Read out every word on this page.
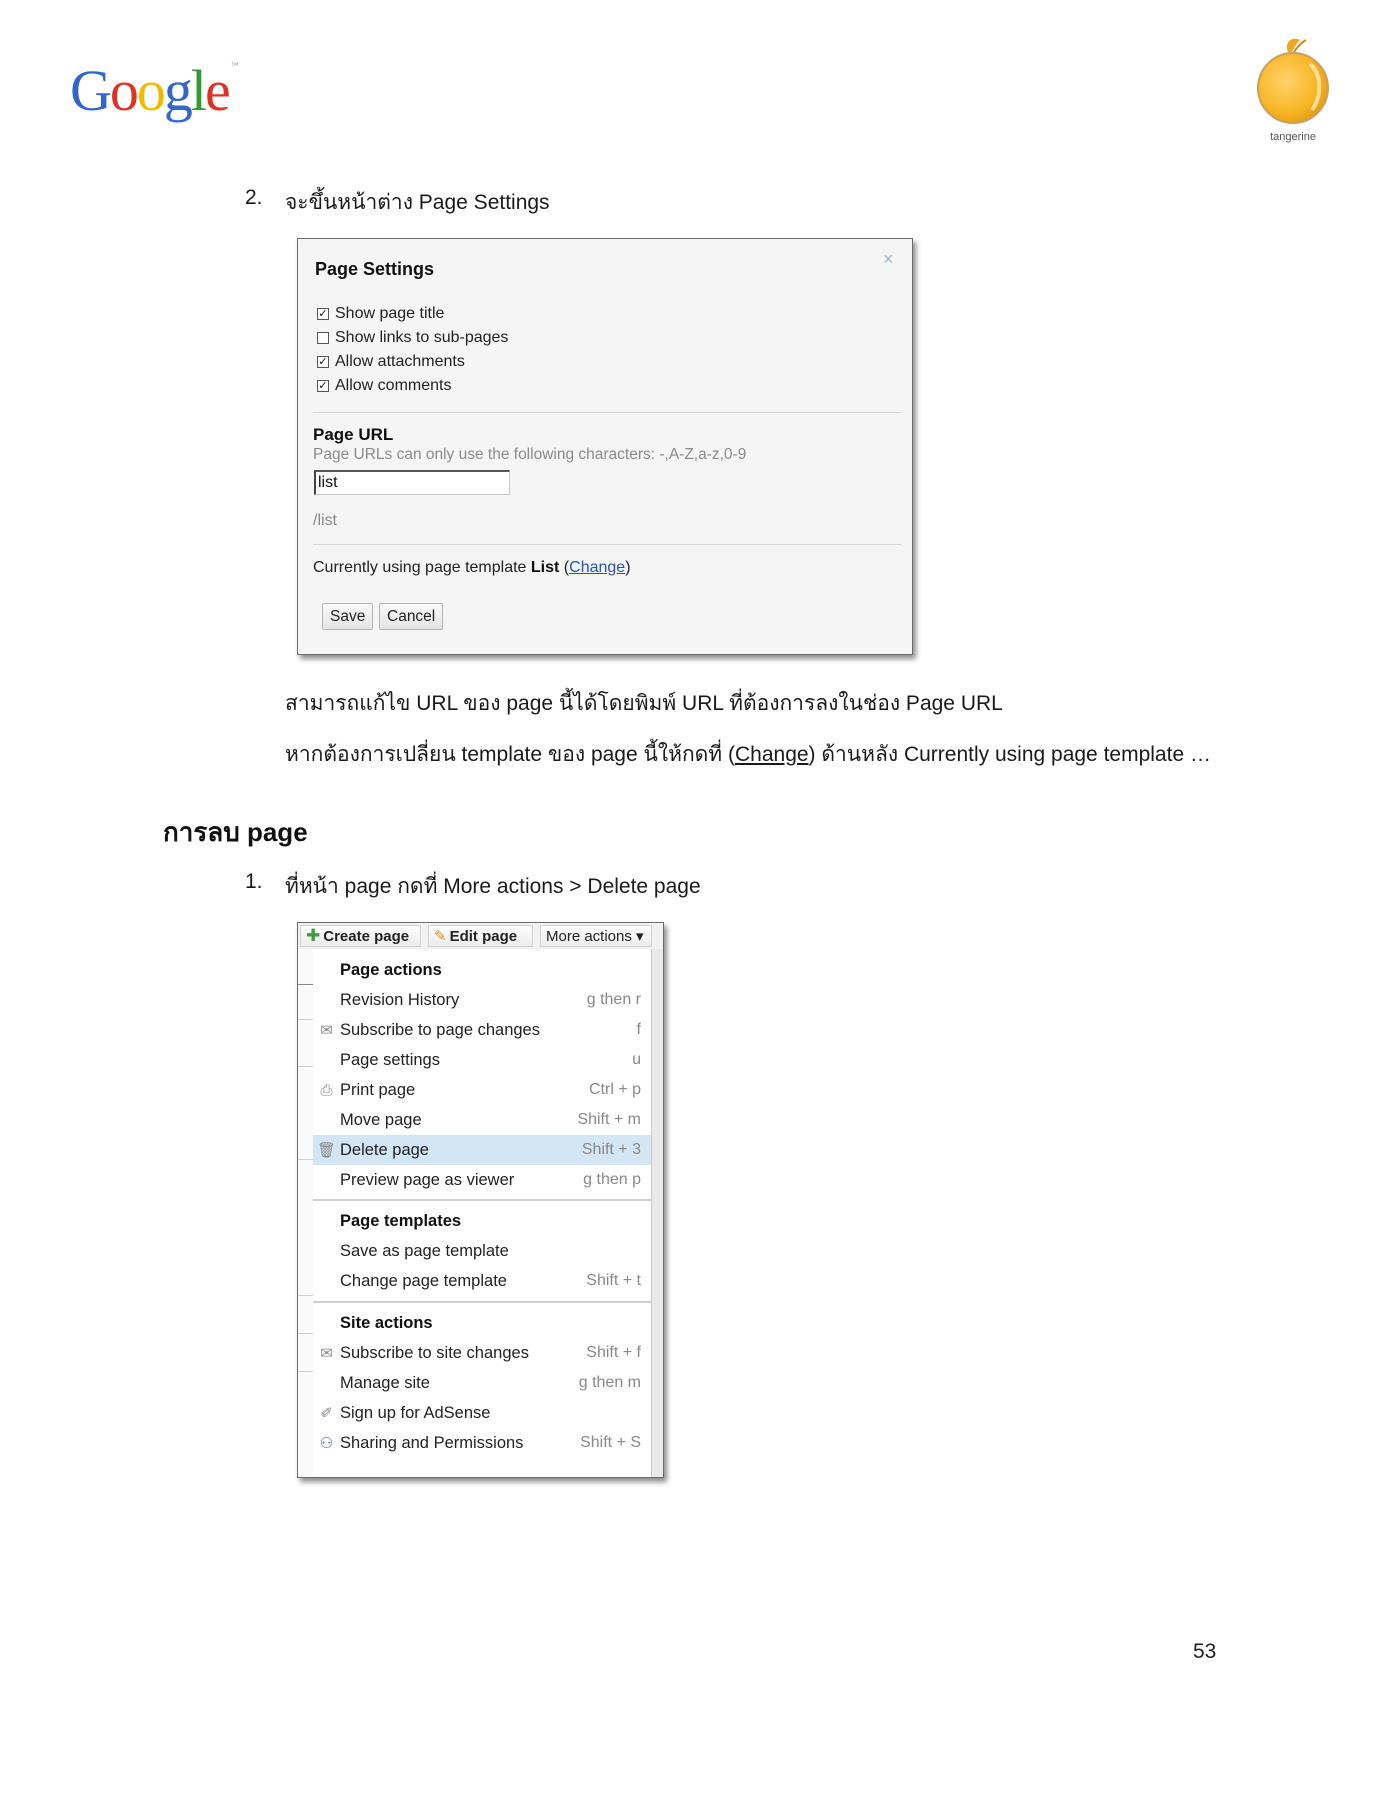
Google ™
tangerine
2.	จะขึ้นหน้าต่าง Page Settings
Page Settings	×
✓ Show page title
Show links to sub-pages
✓ Allow attachments
✓ Allow comments
Page URL
Page URLs can only use the following characters: -,A-Z,a-z,0-9
list
/list
Currently using page template List (Change)
Save	Cancel
สามารถแก้ไข URL ของ page นี้ได้โดยพิมพ์ URL ที่ต้องการลงในช่อง Page URL
หากต้องการเปลี่ยน template ของ page นี้ให้กดที่ (Change) ด้านหลัง Currently using page template …
การลบ page
1.	ที่หน้า page กดที่ More actions > Delete page
✚ Create page ✎ Edit page More actions ▾
Page actions
Revision History	g then r
✉ Subscribe to page changes	f
Page settings	u
⎙ Print page	Ctrl + p
Move page	Shift + m
🗑 Delete page	Shift + 3
Preview page as viewer	g then p
Page templates
Save as page template
Change page template	Shift + t
Site actions
✉ Subscribe to site changes	Shift + f
Manage site	g then m
✐ Sign up for AdSense
⚇ Sharing and Permissions	Shift + S
53
